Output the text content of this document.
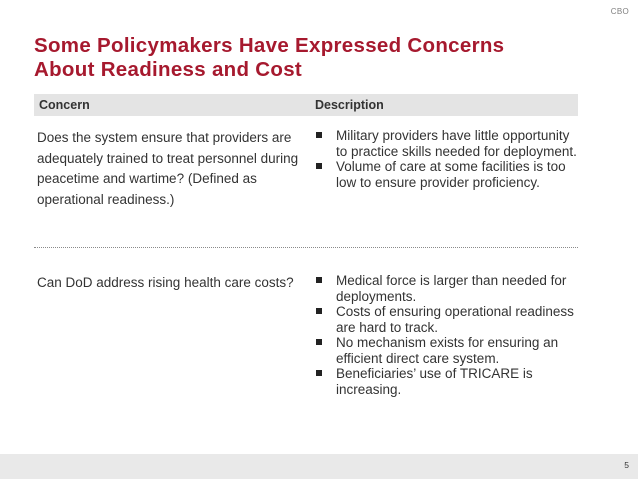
CBO
Some Policymakers Have Expressed Concerns
About Readiness and Cost
Concern	Description
Does the system ensure that providers are adequately trained to treat personnel during peacetime and wartime? (Defined as operational readiness.)
Military providers have little opportunity to practice skills needed for deployment.
Volume of care at some facilities is too low to ensure provider proficiency.
Can DoD address rising health care costs?	Medical force is larger than needed for deployments.
Costs of ensuring operational readiness are hard to track.
No mechanism exists for ensuring an efficient direct care system.
Beneficiaries’ use of TRICARE is increasing.
5
